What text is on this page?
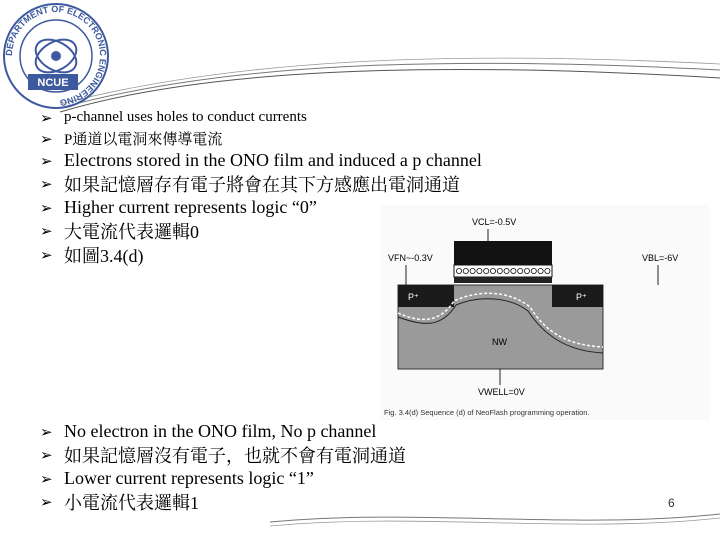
DEPARTMENT OF ELECTRONIC ENGINEERING
NCUE
➢ p-channel uses holes to conduct currents
➢ P通道以電洞來傳導電流
➢ Electrons stored in the ONO film and induced a p channel
➢ 如果記憶層存有電子將會在其下方感應出電洞通道
➢ Higher current represents logic “0”
➢ 大電流代表邏輯0
➢ 如圖3.4(d)
VCL=-0.5V
VFN~-0.3V	VBL=-6V
P⁺	P⁺
NW
VWELL=0V
Fig. 3.4(d) Sequence (d) of NeoFlash programming operation.
➢ No electron in the ONO film, No p channel
➢ 如果記憶層沒有電子，也就不會有電洞通道
➢ Lower current represents logic “1”
➢ 小電流代表邏輯1	6
